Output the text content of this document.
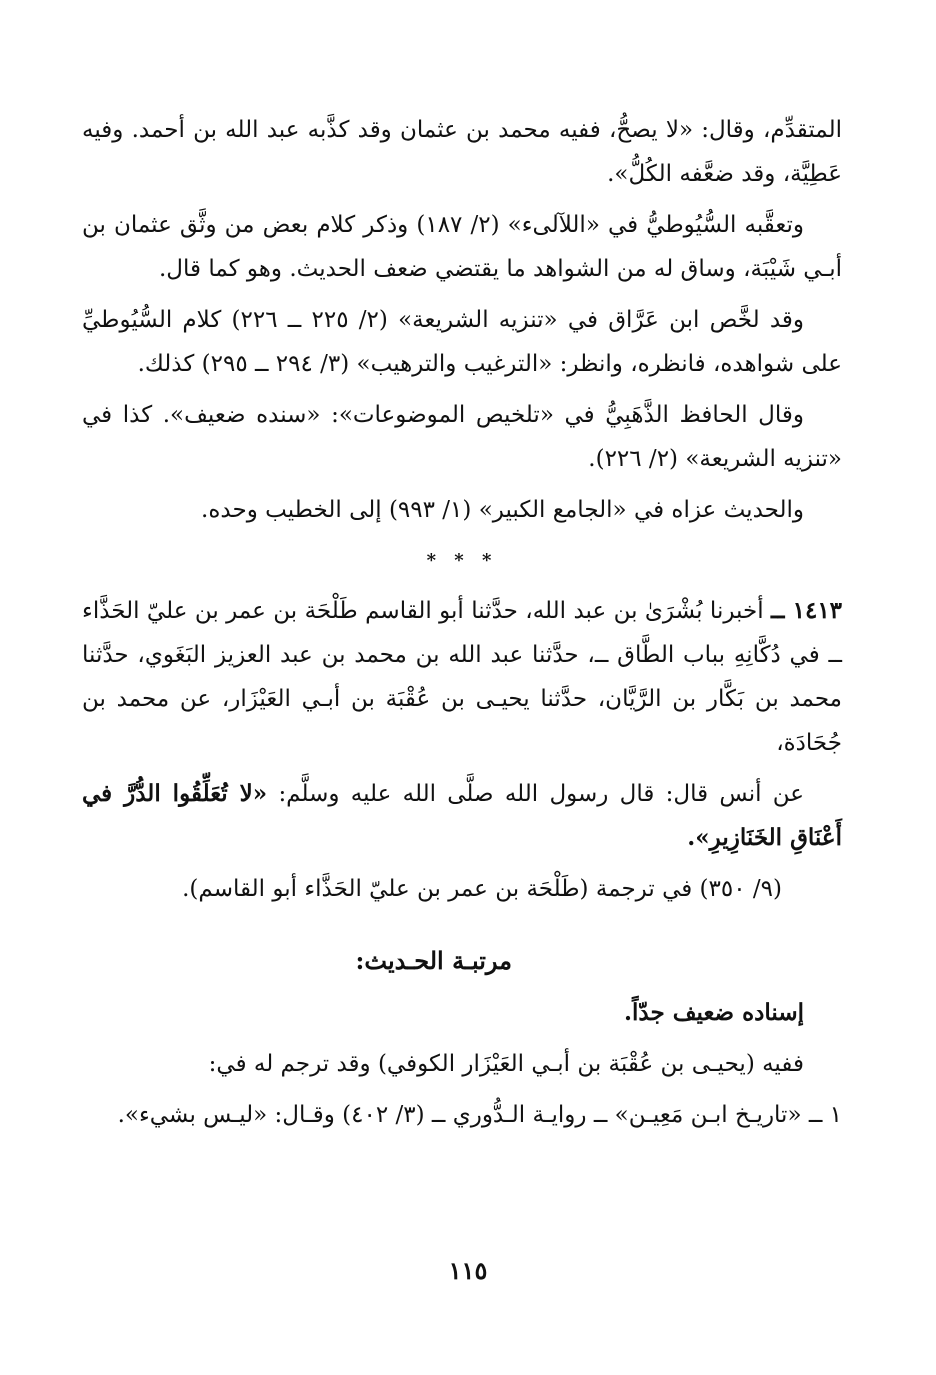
المتقدِّم، وقال: «لا يصحُّ، ففيه محمد بن عثمان وقد كذَّبه عبد الله بن أحمد. وفيه عَطِيَّة، وقد ضعَّفه الكُلُّ».

وتعقَّبه السُّيُوطيُّ في «اللآلىء» (٢/ ١٨٧) وذكر كلام بعض من وثَّق عثمان بن أبـي شَيْبَة، وساق له من الشواهد ما يقتضي ضعف الحديث. وهو كما قال.

وقد لخَّص ابن عَرَّاق في «تنزيه الشريعة» (٢/ ٢٢٥ ــ ٢٢٦) كلام السُّيُوطيِّ على شواهده، فانظره، وانظر: «الترغيب والترهيب» (٣/ ٢٩٤ ــ ٢٩٥) كذلك.

وقال الحافظ الذَّهَبِيُّ في «تلخيص الموضوعات»: «سنده ضعيف». كذا في «تنزيه الشريعة» (٢/ ٢٢٦).

والحديث عزاه في «الجامع الكبير» (١/ ٩٩٣) إلى الخطيب وحده.

* * *

١٤١٣ ــ أخبرنا بُشْرَىٰ بن عبد الله، حدَّثنا أبو القاسم طَلْحَة بن عمر بن عليّ الحَذَّاء ــ في دُكَّانِهِ بباب الطَّاق ــ، حدَّثنا عبد الله بن محمد بن عبد العزيز البَغَوي، حدَّثنا محمد بن بَكَّار بن الرَّيَّان، حدَّثنا يحيـى بن عُقْبَة بن أبـي العَيْزَار، عن محمد بن جُحَادَة،

عن أنس قال: قال رسول الله صلَّى الله عليه وسلَّم: «لا تُعَلِّقُوا الدُّرَّ في أَعْنَاقِ الخَنَازِيرِ».

(٩/ ٣٥٠) في ترجمة (طَلْحَة بن عمر بن عليّ الحَذَّاء أبو القاسم).

مرتبـة الحـديث:

إسناده ضعيف جدّاً.

ففيه (يحيـى بن عُقْبَة بن أبـي العَيْزَار الكوفي) وقد ترجم له في:

١ ــ «تاريـخ ابـن مَعِيـن» ــ روايـة الـدُّوري ــ (٣/ ٤٠٢) وقـال: «ليـس بشيء».

١١٥
